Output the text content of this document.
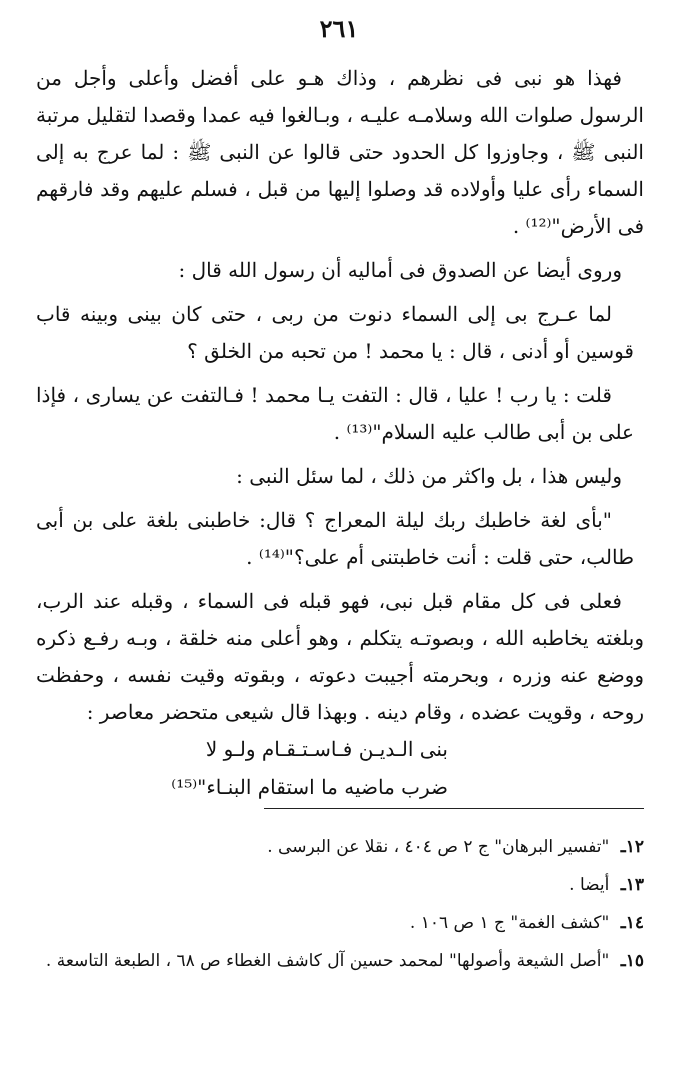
٢٦١

فهذا هو نبى فى نظرهم ، وذاك هـو على أفضل وأعلى وأجل من الرسول صلوات الله وسلامـه عليـه ، وبـالغوا فيه عمدا وقصدا لتقليل مرتبة النبى ﷺ ، وجاوزوا كل الحدود حتى قالوا عن النبى ﷺ : لما عرج به إلى السماء رأى عليا وأولاده قد وصلوا إليها من قبل ، فسلم عليهم وقد فارقهم فى الأرض"⁽¹²⁾ .

وروى أيضا عن الصدوق فى أماليه أن رسول الله قال :

لما عـرج بى إلى السماء دنوت من ربى ، حتى كان بينى وبينه قاب قوسين أو أدنى ، قال : يا محمد ! من تحبه من الخلق ؟

قلت : يا رب ! عليا ، قال : التفت يـا محمد ! فـالتفت عن يسارى ، فإذا على بن أبى طالب عليه السلام"⁽¹³⁾ .

وليس هذا ، بل واكثر من ذلك ، لما سئل النبى :

"بأى لغة خاطبك ربك ليلة المعراج ؟ قال: خاطبنى بلغة على بن أبى طالب، حتى قلت : أنت خاطبتنى أم على؟"⁽¹⁴⁾ .

فعلى فى كل مقام قبل نبى، فهو قبله فى السماء ، وقبله عند الرب، وبلغته يخاطبه الله ، وبصوتـه يتكلم ، وهو أعلى منه خلقة ، وبـه رفـع ذكره ووضع عنه وزره ، وبحرمته أجيبت دعوته ، وبقوته وقيت نفسه ، وحفظت روحه ، وقويت عضده ، وقام دينه . وبهذا قال شيعى متحضر معاصر :

بنى الـديـن فـاسـتـقـام ولـو لا
ضرب ماضيه ما استقام البنـاء"⁽¹⁵⁾
١٢ـ "تفسير البرهان" ج ٢ ص ٤٠٤ ، نقلا عن البرسى .
١٣ـ أيضا .
١٤ـ "كشف الغمة" ج ١ ص ١٠٦ .
١٥ـ "أصل الشيعة وأصولها" لمحمد حسين آل كاشف الغطاء ص ٦٨ ، الطبعة التاسعة .
